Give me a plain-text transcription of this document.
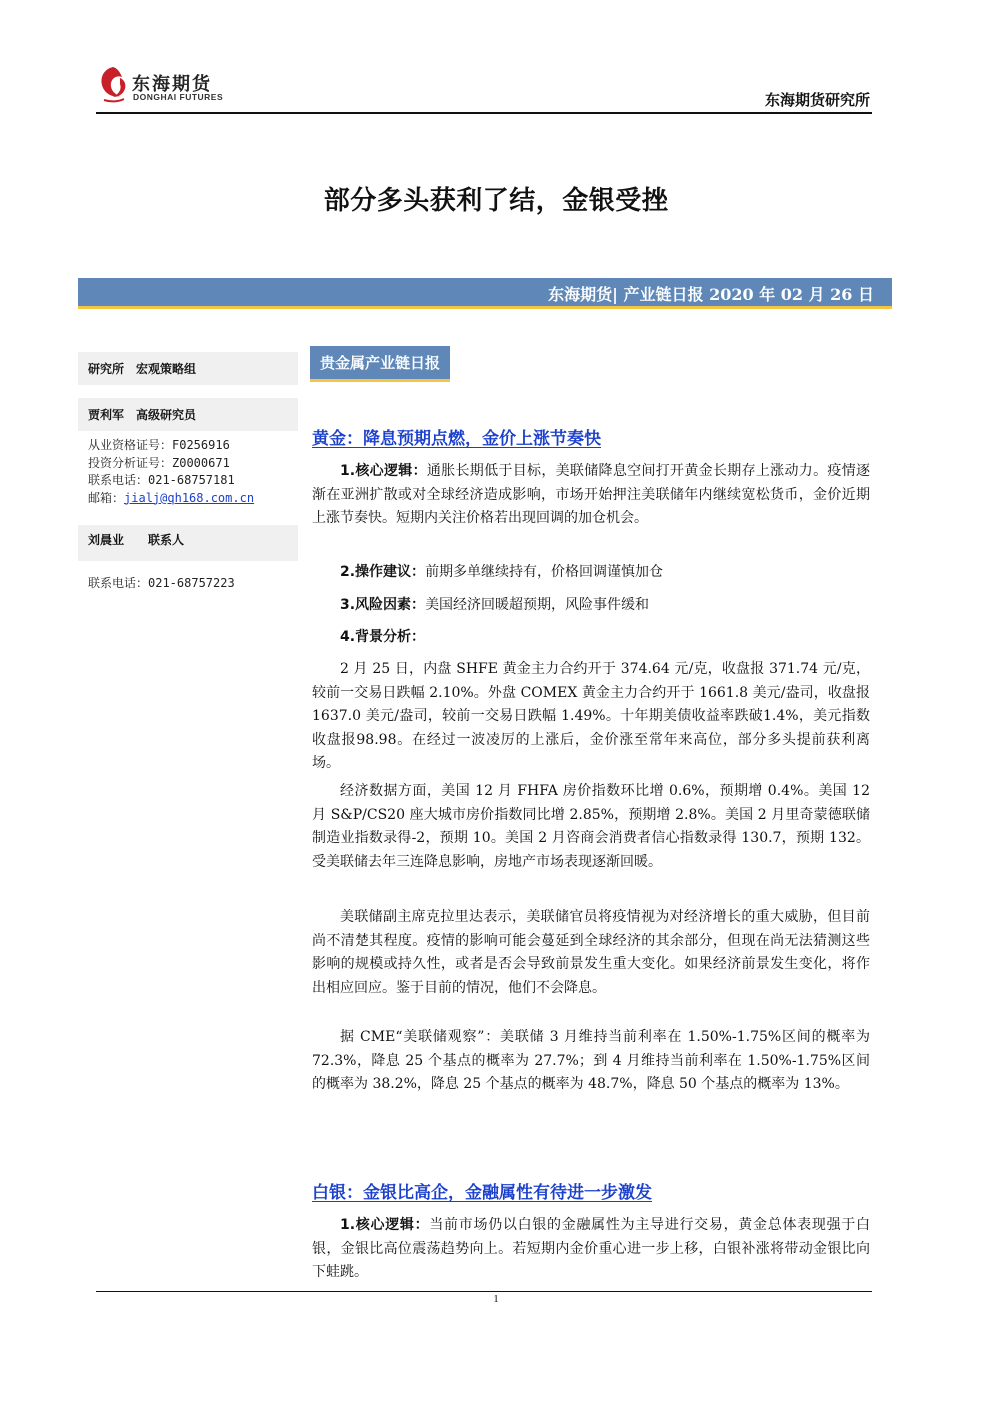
东海期货
DONGHAI FUTURES	东海期货研究所
部分多头获利了结，金银受挫
东海期货| 产业链日报 2020 年 02 月 26 日
研究所　宏观策略组
贾利军　高级研究员
从业资格证号：F0256916
投资分析证号：Z0000671
联系电话：021-68757181
邮箱：jialj@qh168.com.cn
刘晨业　　联系人
联系电话：021-68757223
贵金属产业链日报
黄金：降息预期点燃，金价上涨节奏快
1.核心逻辑：通胀长期低于目标，美联储降息空间打开黄金长期存上涨动力。疫情逐渐在亚洲扩散或对全球经济造成影响，市场开始押注美联储年内继续宽松货币，金价近期上涨节奏快。短期内关注价格若出现回调的加仓机会。
2.操作建议：前期多单继续持有，价格回调谨慎加仓
3.风险因素：美国经济回暖超预期，风险事件缓和
4.背景分析：
2 月 25 日，内盘 SHFE 黄金主力合约开于 374.64 元/克，收盘报 371.74 元/克，较前一交易日跌幅 2.10%。外盘 COMEX 黄金主力合约开于 1661.8 美元/盎司，收盘报1637.0 美元/盎司，较前一交易日跌幅 1.49%。十年期美债收益率跌破1.4%，美元指数收盘报98.98。在经过一波凌厉的上涨后，金价涨至常年来高位，部分多头提前获利离场。
经济数据方面，美国 12 月 FHFA 房价指数环比增 0.6%，预期增 0.4%。美国 12 月 S&P/CS20 座大城市房价指数同比增 2.85%，预期增 2.8%。美国 2 月里奇蒙德联储制造业指数录得-2，预期 10。美国 2 月咨商会消费者信心指数录得 130.7，预期 132。受美联储去年三连降息影响，房地产市场表现逐渐回暖。
美联储副主席克拉里达表示，美联储官员将疫情视为对经济增长的重大威胁，但目前尚不清楚其程度。疫情的影响可能会蔓延到全球经济的其余部分，但现在尚无法猜测这些影响的规模或持久性，或者是否会导致前景发生重大变化。如果经济前景发生变化，将作出相应回应。鉴于目前的情况，他们不会降息。
据 CME“美联储观察”：美联储 3 月维持当前利率在 1.50%-1.75%区间的概率为 72.3%，降息 25 个基点的概率为 27.7%；到 4 月维持当前利率在 1.50%-1.75%区间的概率为 38.2%，降息 25 个基点的概率为 48.7%，降息 50 个基点的概率为 13%。
白银：金银比高企，金融属性有待进一步激发
1.核心逻辑：当前市场仍以白银的金融属性为主导进行交易，黄金总体表现强于白银，金银比高位震荡趋势向上。若短期内金价重心进一步上移，白银补涨将带动金银比向下蛙跳。
1
